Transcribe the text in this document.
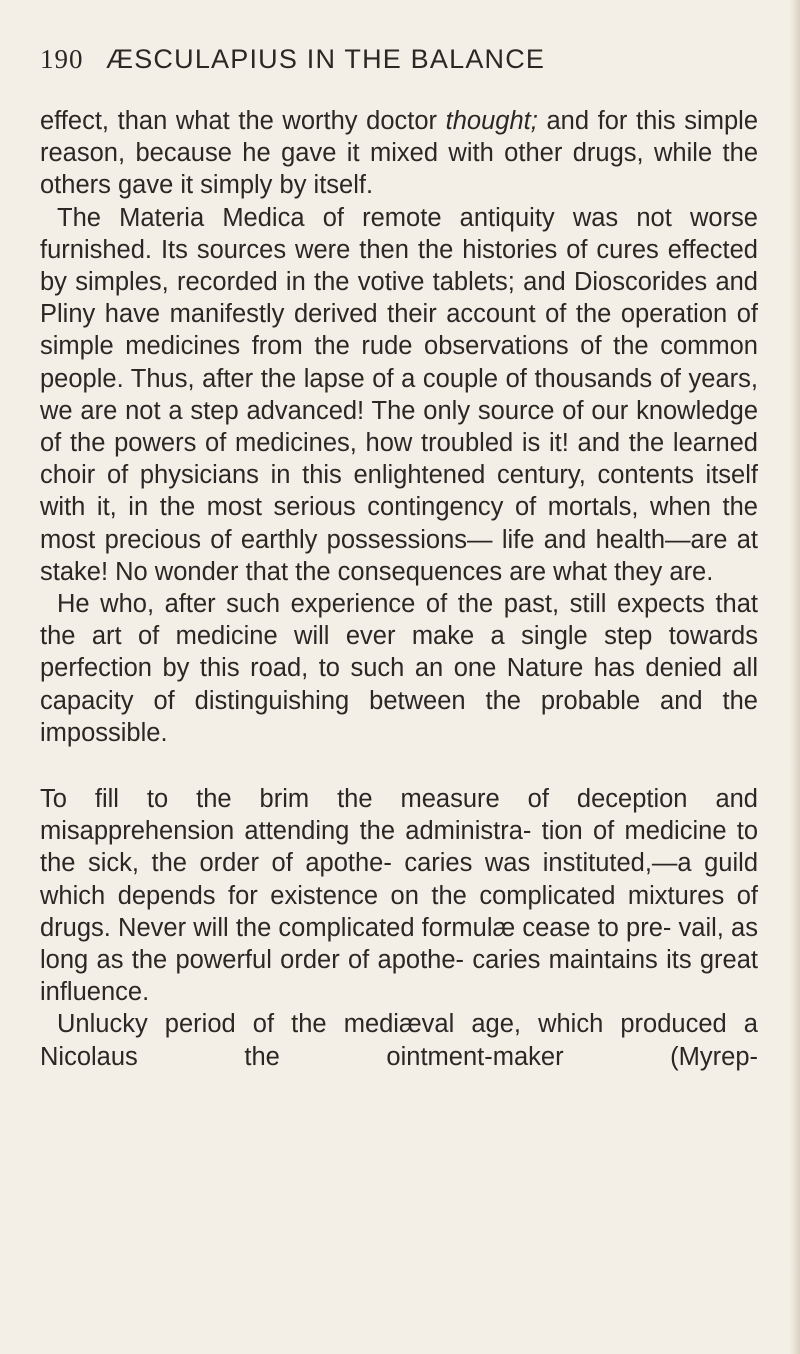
190 ÆSCULAPIUS IN THE BALANCE

effect, than what the worthy doctor thought; and for this simple reason, because he gave it mixed with other drugs, while the others gave it simply by itself.

The Materia Medica of remote antiquity was not worse furnished. Its sources were then the histories of cures effected by simples, recorded in the votive tablets; and Dioscorides and Pliny have manifestly derived their account of the operation of simple medicines from the rude observations of the common people. Thus, after the lapse of a couple of thousands of years, we are not a step advanced! The only source of our knowledge of the powers of medicines, how troubled is it! and the learned choir of physicians in this enlightened century, contents itself with it, in the most serious contingency of mortals, when the most precious of earthly possessions— life and health—are at stake! No wonder that the consequences are what they are.

He who, after such experience of the past, still expects that the art of medicine will ever make a single step towards perfection by this road, to such an one Nature has denied all capacity of distinguishing between the probable and the impossible.

To fill to the brim the measure of deception and misapprehension attending the administra- tion of medicine to the sick, the order of apothe- caries was instituted,—a guild which depends for existence on the complicated mixtures of drugs. Never will the complicated formulæ cease to pre- vail, as long as the powerful order of apothe- caries maintains its great influence.

Unlucky period of the mediæval age, which produced a Nicolaus the ointment-maker (Myrep-
